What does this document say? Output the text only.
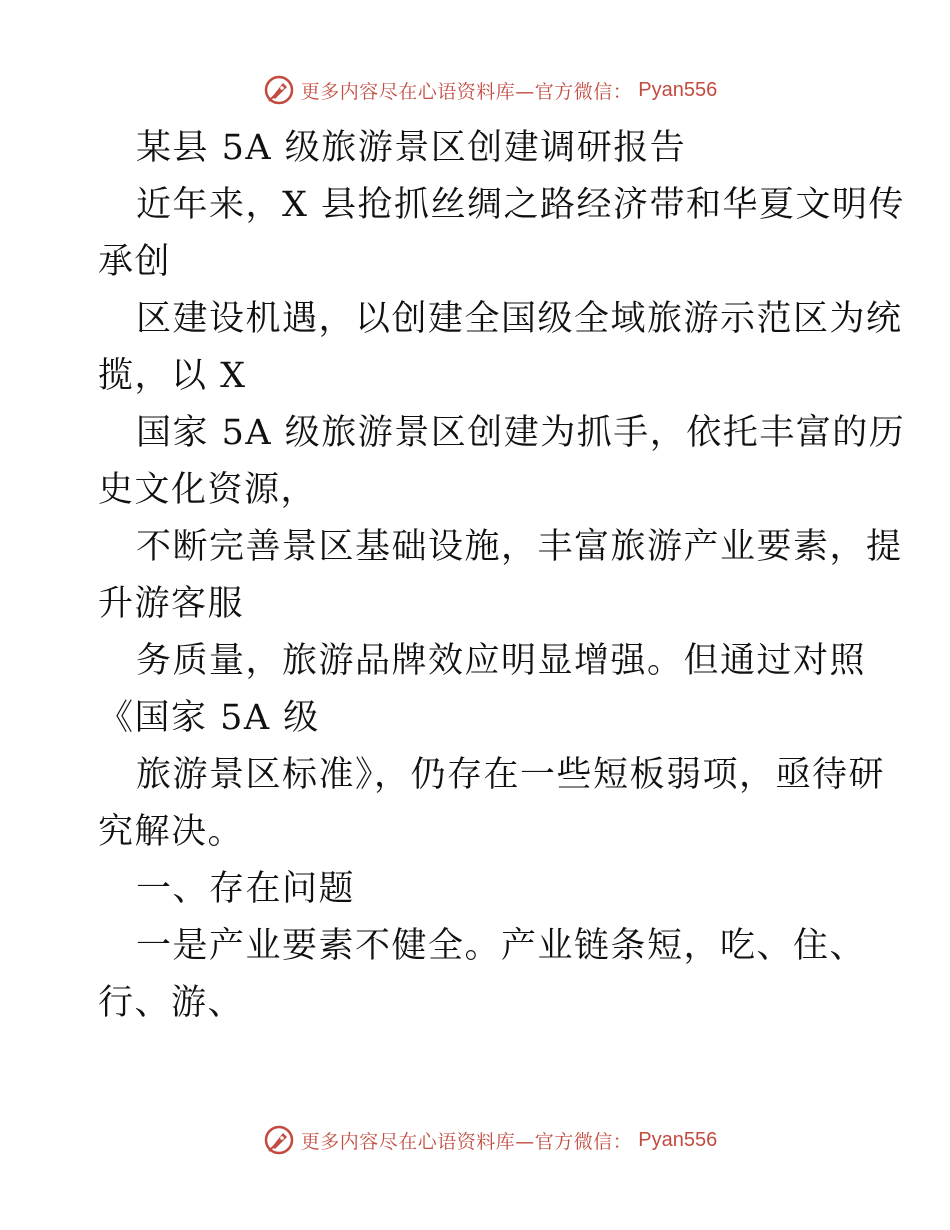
更多内容尽在心语资料库—官方微信： Pyan556
某县 5A 级旅游景区创建调研报告
近年来，X 县抢抓丝绸之路经济带和华夏文明传
承创
区建设机遇，以创建全国级全域旅游示范区为统
揽，以 X
国家 5A 级旅游景区创建为抓手，依托丰富的历
史文化资源，
不断完善景区基础设施，丰富旅游产业要素，提
升游客服
务质量，旅游品牌效应明显增强。但通过对照
《国家 5A 级
旅游景区标准》，仍存在一些短板弱项，亟待研
究解决。
一、存在问题
一是产业要素不健全。产业链条短，吃、住、
行、游、
更多内容尽在心语资料库—官方微信： Pyan556
